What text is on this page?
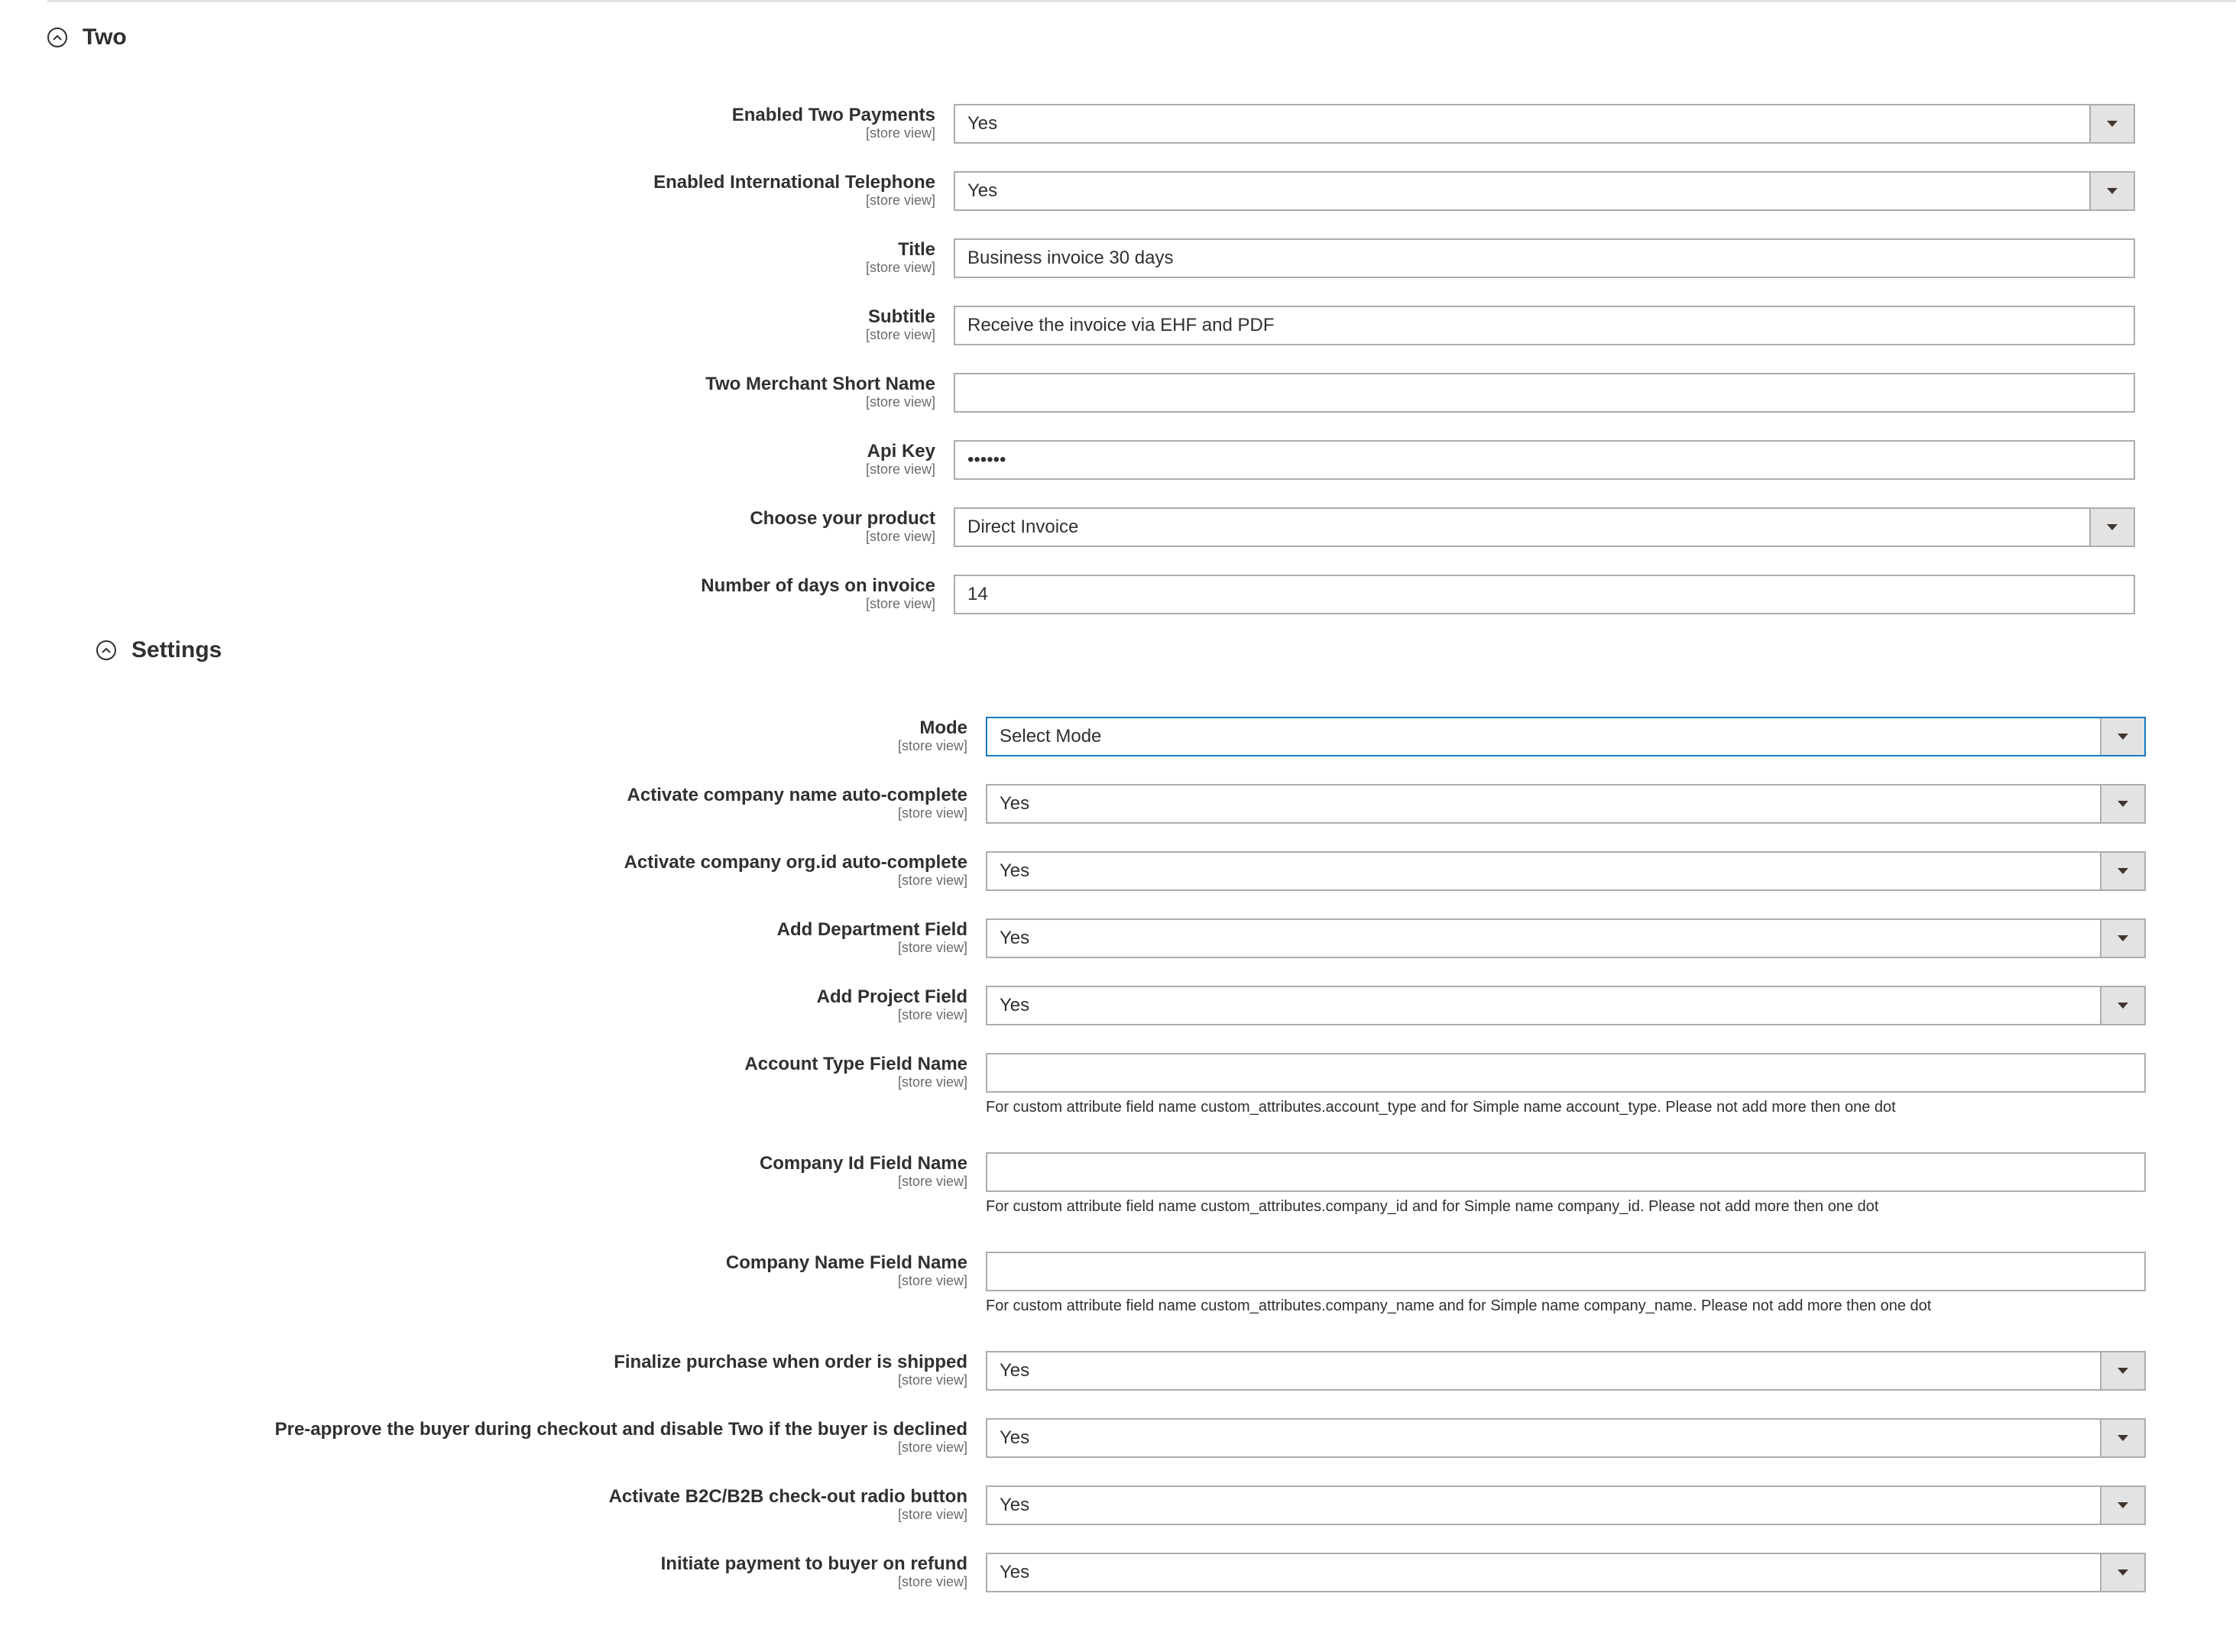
Two
Enabled Two Payments
[store view] Yes
Enabled International Telephone
[store view] Yes
Title
[store view] Business invoice 30 days
Subtitle
[store view] Receive the invoice via EHF and PDF
Two Merchant Short Name
[store view]
Api Key
[store view] ••••••
Choose your product
[store view] Direct Invoice
Number of days on invoice
[store view] 14
Settings
Mode
[store view] Select Mode
Activate company name auto-complete
[store view] Yes
Activate company org.id auto-complete
[store view] Yes
Add Department Field
[store view] Yes
Add Project Field
[store view] Yes
Account Type Field Name
[store view]
For custom attribute field name custom_attributes.account_type and for Simple name account_type. Please not add more then one dot
Company Id Field Name
[store view]
For custom attribute field name custom_attributes.company_id and for Simple name company_id. Please not add more then one dot
Company Name Field Name
[store view]
For custom attribute field name custom_attributes.company_name and for Simple name company_name. Please not add more then one dot
Finalize purchase when order is shipped
[store view] Yes
Pre-approve the buyer during checkout and disable Two if the buyer is declined
[store view] Yes
Activate B2C/B2B check-out radio button
[store view] Yes
Initiate payment to buyer on refund
[store view] Yes
